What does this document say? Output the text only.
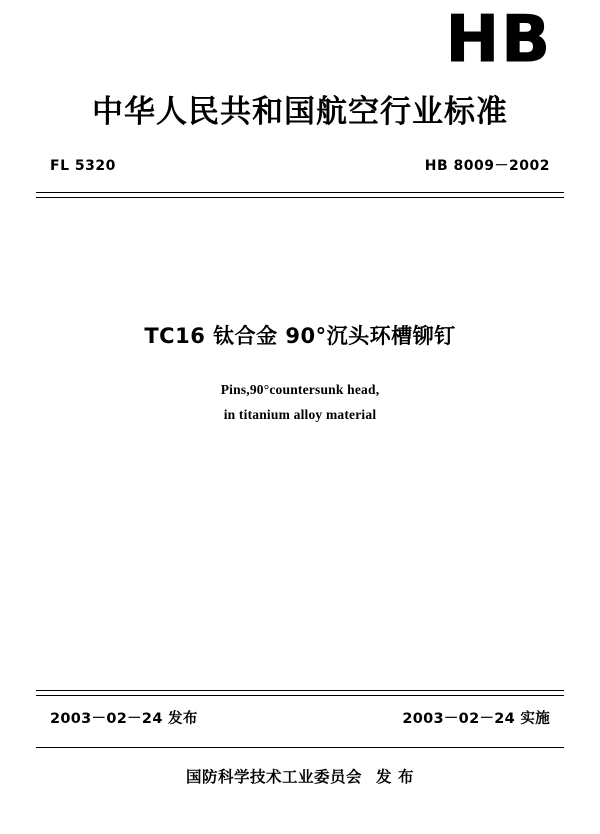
HB
中华人民共和国航空行业标准
FL 5320	HB 8009－2002
TC16 钛合金 90°沉头环槽铆钉
Pins,90°countersunk head,
in titanium alloy material
2003－02－24 发布	2003－02－24 实施
国防科学技术工业委员会 发 布
